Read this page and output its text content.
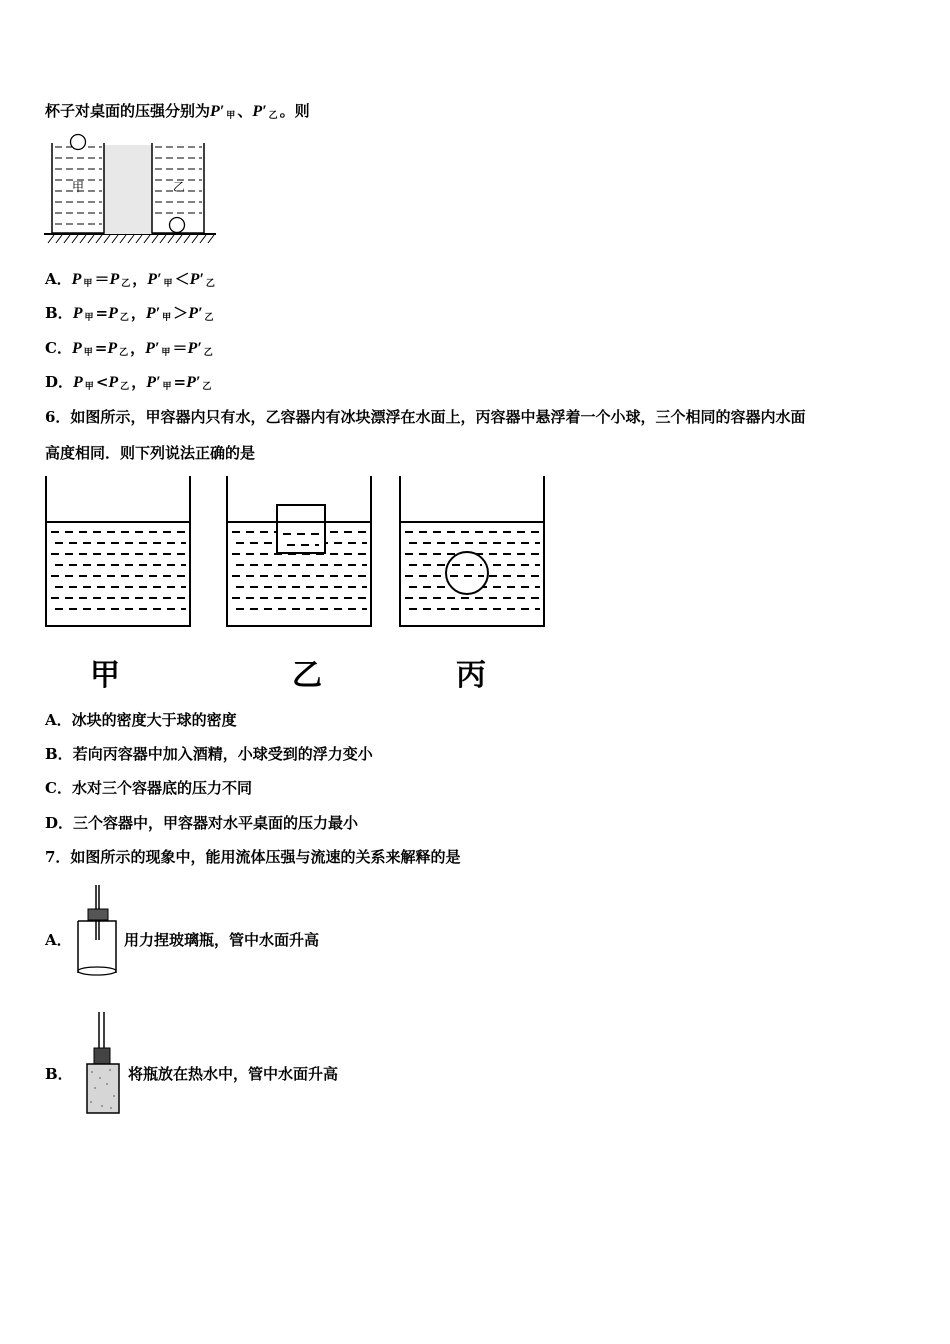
杯子对桌面的压强分别为P′ $_甲$ 、P′ $_乙$ 。则
甲	乙
A．P $_甲$ ＝P $_乙$ ，P′ $_甲$ ＜P′ $_乙$
B．P $_甲$ =P $_乙$ ，P′ $_甲$ ＞P′ $_乙$
C．P $_甲$ =P $_乙$ ，P′ $_甲$ ＝P′ $_乙$
D．P $_甲$ <P $_乙$ ，P′ $_甲$ =P′ $_乙$
6．如图所示，甲容器内只有水，乙容器内有冰块漂浮在水面上，丙容器中悬浮着一个小球，三个相同的容器内水面
高度相同．则下列说法正确的是
甲	乙	丙
A．冰块的密度大于球的密度
B．若向丙容器中加入酒精，小球受到的浮力变小
C．水对三个容器底的压力不同
D．三个容器中，甲容器对水平桌面的压力最小
7．如图所示的现象中，能用流体压强与流速的关系来解释的是
A．	用力捏玻璃瓶，管中水面升高
B．	将瓶放在热水中，管中水面升高
